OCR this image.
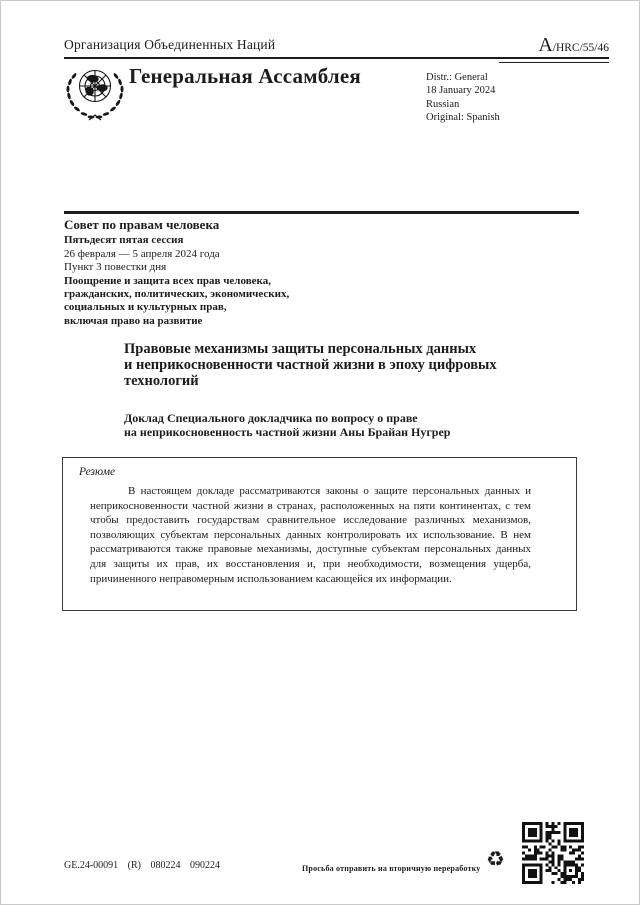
Организация Объединенных Наций	A/HRC/55/46
Генеральная Ассамблея	Distr.: General
18 January 2024
Russian
Original: Spanish
Совет по правам человека
Пятьдесят пятая сессия
26 февраля — 5 апреля 2024 года
Пункт 3 повестки дня
Поощрение и защита всех прав человека,
гражданских, политических, экономических,
социальных и культурных прав,
включая право на развитие
Правовые механизмы защиты персональных данных
и неприкосновенности частной жизни в эпоху цифровых
технологий
Доклад Специального докладчика по вопросу о праве
на неприкосновенность частной жизни Аны Брайан Нугрер
Резюме
В настоящем докладе рассматриваются законы о защите персональных данных и неприкосновенности частной жизни в странах, расположенных на пяти континентах, с тем чтобы предоставить государствам сравнительное исследование различных механизмов, позволяющих субъектам персональных данных контролировать их использование. В нем рассматриваются также правовые механизмы, доступные субъектам персональных данных для защиты их прав, их восстановления и, при необходимости, возмещения ущерба, причиненного неправомерным использованием касающейся их информации.
GE.24-00091 (R) 080224 090224	Просьба отправить на вторичную переработку ♻
